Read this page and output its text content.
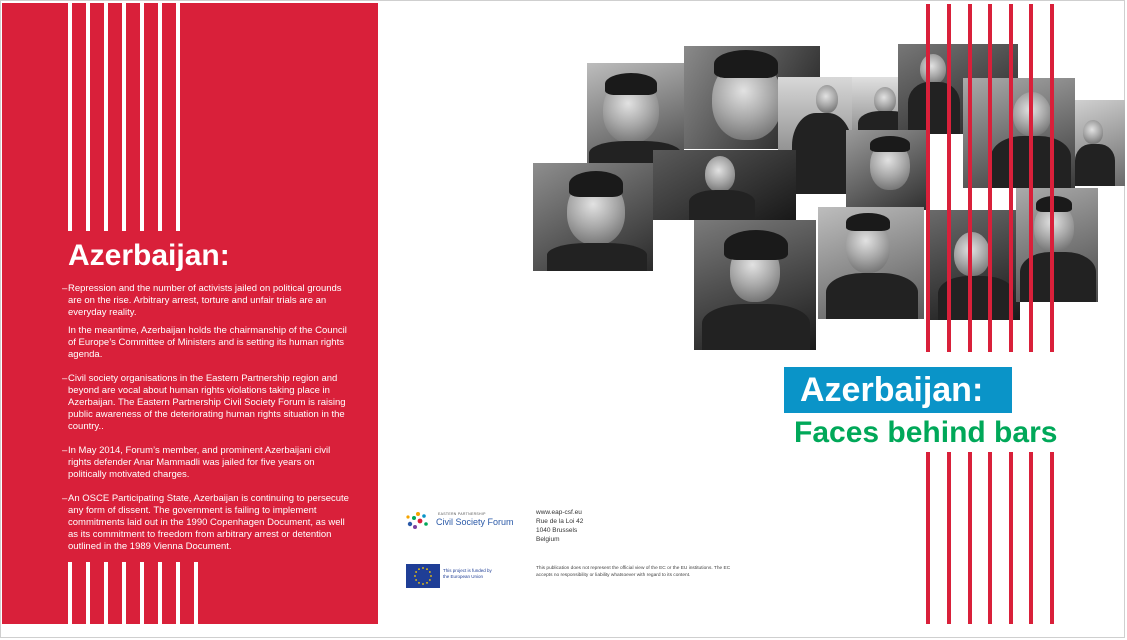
Azerbaijan:

– Repression and the number of activists jailed on political grounds are on the rise. Arbitrary arrest, torture and unfair trials are an everyday reality.

In the meantime, Azerbaijan holds the chairmanship of the Council of Europe’s Committee of Ministers and is setting its human rights agenda.

– Civil society organisations in the Eastern Partnership region and beyond are vocal about human rights violations taking place in Azerbaijan. The Eastern Partnership Civil Society Forum is raising public awareness of the deteriorating human rights situation in the country..

– In May 2014, Forum’s member, and prominent Azerbaijani civil rights defender Anar Mammadli was jailed for five years on politically motivated charges.

– An OSCE Participating State, Azerbaijan is continuing to persecute any form of dissent. The government is failing to implement commitments laid out in the 1990 Copenhagen Document, as well as its commitment to freedom from arbitrary arrest or detention outlined in the 1989 Vienna Document.

Azerbaijan:
Faces behind bars
EASTERN PARTNERSHIP
Civil Society Forum
www.eap-csf.eu
Rue de la Loi 42
1040 Brussels
Belgium
This project is funded by the European Union
This publication does not represent the official view of the EC or the EU institutions. The EC accepts no responsibility or liability whatsoever with regard to its content.
